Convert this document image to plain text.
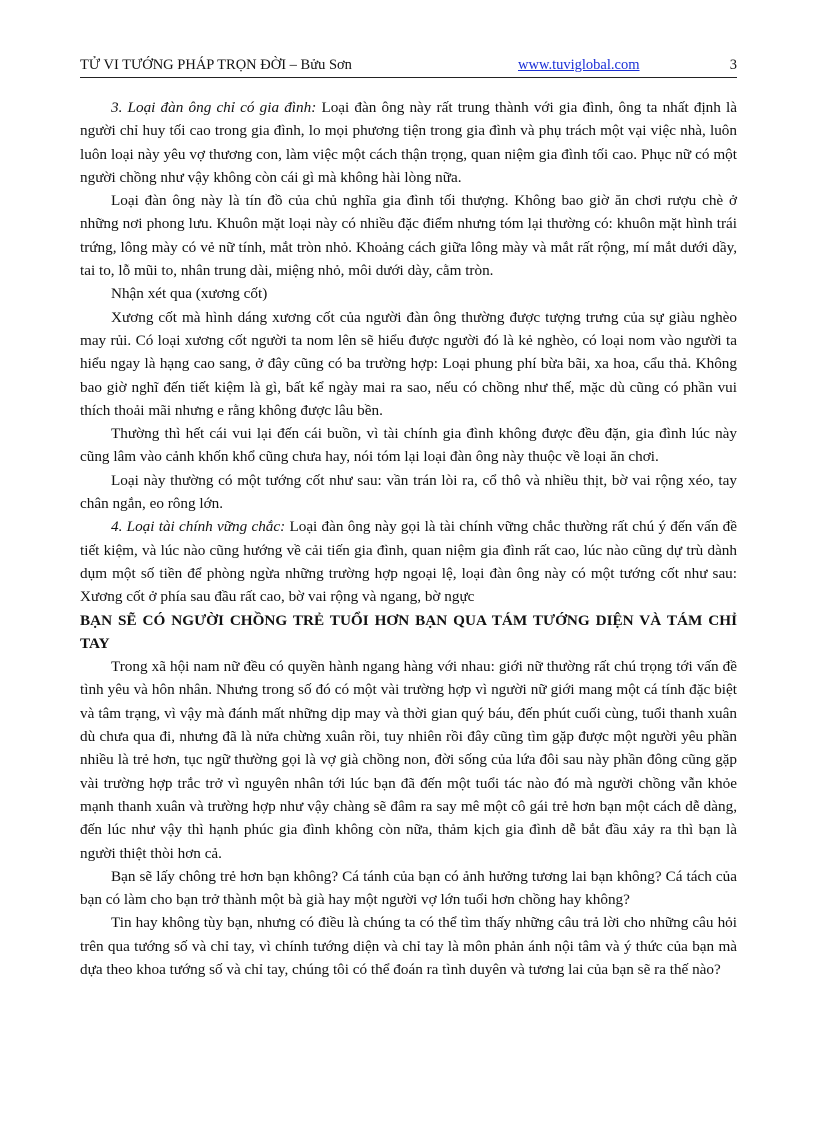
TỬ VI TƯỚNG PHÁP TRỌN ĐỜI – Bửu Sơn	www.tuviglobal.com	3

3. Loại đàn ông chỉ có gia đình: Loại đàn ông này rất trung thành với gia đình, ông ta nhất định là người chỉ huy tối cao trong gia đình, lo mọi phương tiện trong gia đình và phụ trách một vại việc nhà, luôn luôn loại này yêu vợ thương con, làm việc một cách thận trọng, quan niệm gia đình tối cao. Phục nữ có một người chồng như vậy không còn cái gì mà không hài lòng nữa.

Loại đàn ông này là tín đồ của chủ nghĩa gia đình tối thượng. Không bao giờ ăn chơi rượu chè ở những nơi phong lưu. Khuôn mặt loại này có nhiều đặc điểm nhưng tóm lại thường có: khuôn mặt hình trái trứng, lông mày có vẻ nữ tính, mắt tròn nhỏ. Khoảng cách giữa lông mày và mắt rất rộng, mí mắt dưới dầy, tai to, lỗ mũi to, nhân trung dài, miệng nhỏ, môi dưới dày, cằm tròn.

Nhận xét qua (xương cốt)

Xương cốt mà hình dáng xương cốt của người đàn ông thường được tượng trưng của sự giàu nghèo may rủi. Có loại xương cốt người ta nom lên sẽ hiểu được người đó là kẻ nghèo, có loại nom vào người ta hiểu ngay là hạng cao sang, ở đây cũng có ba trường hợp: Loại phung phí bừa bãi, xa hoa, cẩu thả. Không bao giờ nghĩ đến tiết kiệm là gì, bất kể ngày mai ra sao, nếu có chồng như thế, mặc dù cũng có phần vui thích thoải mãi nhưng e rằng không được lâu bền.

Thường thì hết cái vui lại đến cái buồn, vì tài chính gia đình không được đều đặn, gia đình lúc này cũng lâm vào cảnh khốn khổ cũng chưa hay, nói tóm lại loại đàn ông này thuộc về loại ăn chơi.

Loại này thường có một tướng cốt như sau: vần trán lòi ra, cổ thô và nhiều thịt, bờ vai rộng xéo, tay chân ngắn, eo rông lớn.

4. Loại tài chính vững chắc: Loại đàn ông này gọi là tài chính vững chắc thường rất chú ý đến vấn đề tiết kiệm, và lúc nào cũng hướng về cải tiến gia đình, quan niệm gia đình rất cao, lúc nào cũng dự trù dành dụm một số tiền để phòng ngừa những trường hợp ngoại lệ, loại đàn ông này có một tướng cốt như sau: Xương cốt ở phía sau đầu rất cao, bờ vai rộng và ngang, bờ ngực

BẠN SẼ CÓ NGƯỜI CHỒNG TRẺ TUỔI HƠN BẠN QUA TÁM TƯỚNG DIỆN VÀ TÁM CHỈ TAY

Trong xã hội nam nữ đều có quyền hành ngang hàng với nhau: giới nữ thường rất chú trọng tới vấn đề tình yêu và hôn nhân. Nhưng trong số đó có một vài trường hợp vì người nữ giới mang một cá tính đặc biệt và tâm trạng, vì vậy mà đánh mất những dịp may và thời gian quý báu, đến phút cuối cùng, tuổi thanh xuân dù chưa qua đi, nhưng đã là nửa chừng xuân rồi, tuy nhiên rồi đây cũng tìm gặp được một người yêu phần nhiều là trẻ hơn, tục ngữ thường gọi là vợ già chồng non, đời sống của lứa đôi sau này phần đông cũng gặp vài trường hợp trắc trở vì nguyên nhân tới lúc bạn đã đến một tuổi tác nào đó mà người chồng vẫn khỏe mạnh thanh xuân và trường hợp như vậy chàng sẽ đâm ra say mê một cô gái trẻ hơn bạn một cách dễ dàng, đến lúc như vậy thì hạnh phúc gia đình không còn nữa, thảm kịch gia đình dễ bắt đầu xảy ra thì bạn là người thiệt thòi hơn cả.

Bạn sẽ lấy chông trẻ hơn bạn không? Cá tánh của bạn có ảnh hưởng tương lai bạn không? Cá tách của bạn có làm cho bạn trở thành một bà già hay một người vợ lớn tuổi hơn chồng hay không?

Tin hay không tùy bạn, nhưng có điều là chúng ta có thể tìm thấy những câu trả lời cho những câu hỏi trên qua tướng số và chỉ tay, vì chính tướng diện và chỉ tay là môn phản ánh nội tâm và ý thức của bạn mà dựa theo khoa tướng số và chỉ tay, chúng tôi có thể đoán ra tình duyên và tương lai của bạn sẽ ra thế nào?
